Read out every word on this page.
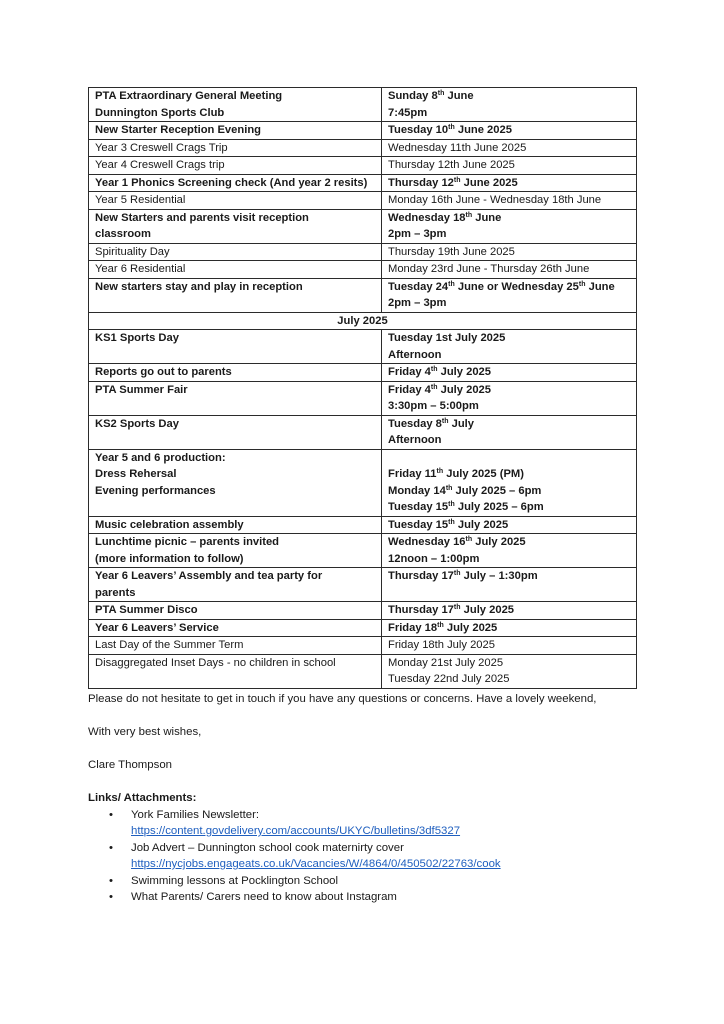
PTA Extraordinary General Meeting
Dunnington Sports Club	Sunday 8th June
7:45pm

New Starter Reception Evening	Tuesday 10th June 2025

Year 3 Creswell Crags Trip	Wednesday 11th June 2025

Year 4 Creswell Crags trip	Thursday 12th June 2025

Year 1 Phonics Screening check (And year 2 resits)	Thursday 12th June 2025

Year 5 Residential	Monday 16th June - Wednesday 18th June

New Starters and parents visit reception
classroom	Wednesday 18th June
2pm – 3pm

Spirituality Day	Thursday 19th June 2025

Year 6 Residential	Monday 23rd June - Thursday 26th June

New starters stay and play in reception	Tuesday 24th June or Wednesday 25th June
2pm – 3pm

July 2025	

KS1 Sports Day	Tuesday 1st July 2025
Afternoon

Reports go out to parents	Friday 4th July 2025

PTA Summer Fair	Friday 4th July 2025
3:30pm – 5:00pm

KS2 Sports Day	Tuesday 8th July
Afternoon

Year 5 and 6 production:
Dress Rehersal
Evening performances	Friday 11th July 2025 (PM)
Monday 14th July 2025 – 6pm
Tuesday 15th July 2025 – 6pm

Music celebration assembly	Tuesday 15th July 2025

Lunchtime picnic – parents invited
(more information to follow)	Wednesday 16th July 2025
12noon – 1:00pm

Year 6 Leavers’ Assembly and tea party for
parents	Thursday 17th July – 1:30pm

PTA Summer Disco	Thursday 17th July 2025

Year 6 Leavers’ Service	Friday 18th July 2025

Last Day of the Summer Term	Friday 18th July 2025

Disaggregated Inset Days - no children in school	Monday 21st July 2025
Tuesday 22nd July 2025

Please do not hesitate to get in touch if you have any questions or concerns. Have a lovely weekend,

With very best wishes,

Clare Thompson

Links/ Attachments:
• York Families Newsletter:
https://content.govdelivery.com/accounts/UKYC/bulletins/3df5327
• Job Advert – Dunnington school cook maternirty cover
https://nycjobs.engageats.co.uk/Vacancies/W/4864/0/450502/22763/cook
• Swimming lessons at Pocklington School
• What Parents/ Carers need to know about Instagram
